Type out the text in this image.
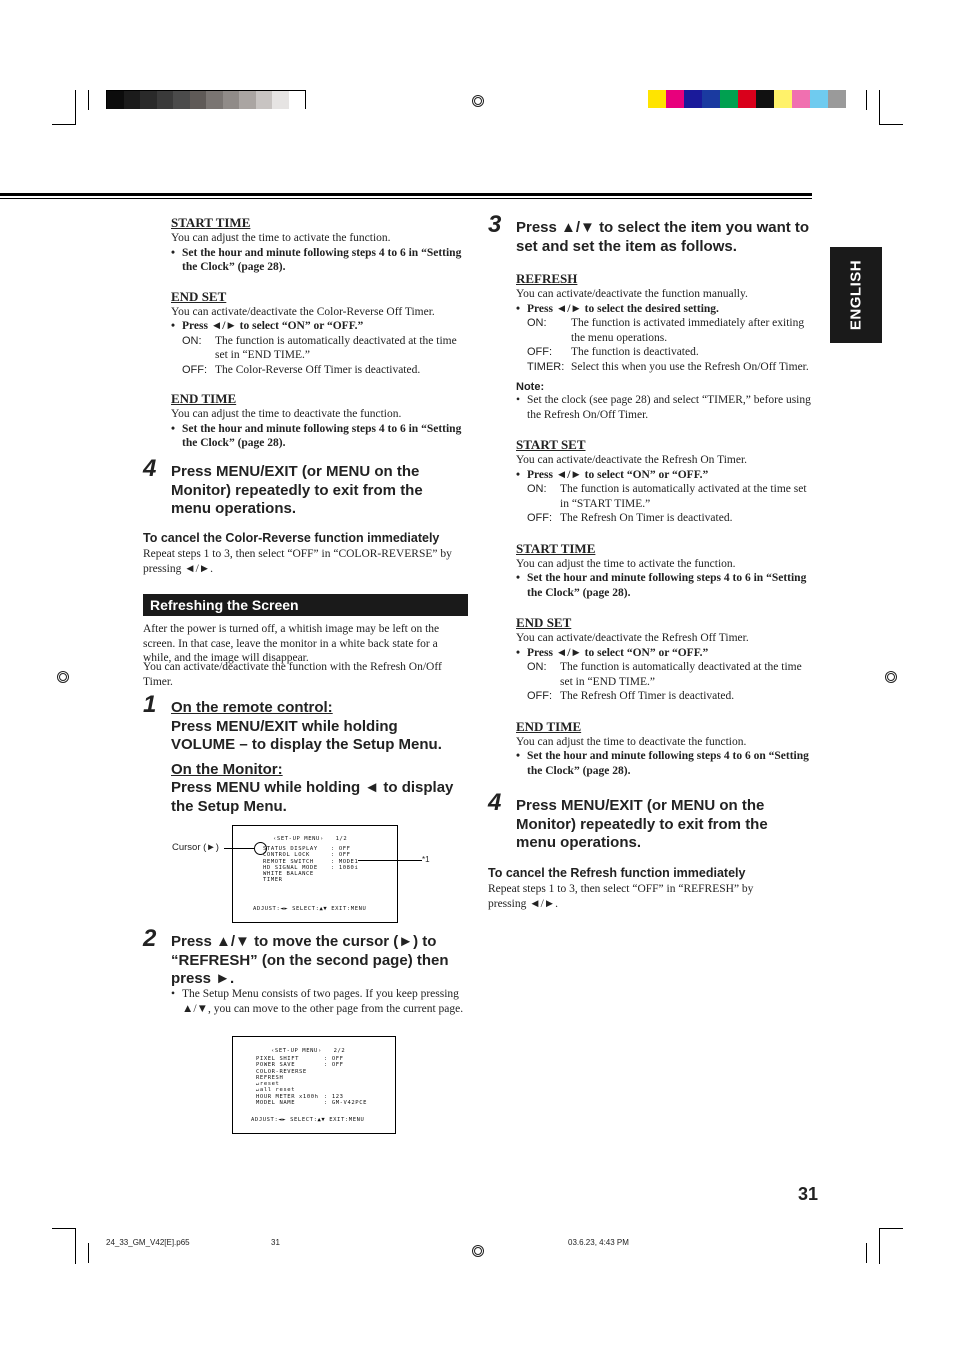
24_33_GM_V42[E].p65	31	03.6.23, 4:43 PM
ENGLISH
31
START TIME
You can adjust the time to activate the function.
• Set the hour and minute following steps 4 to 6 in “Setting the Clock” (page 28).
END SET
You can activate/deactivate the Color-Reverse Off Timer.
• Press ◄/► to select “ON” or “OFF.”
ON:	The function is automatically deactivated at the time set in “END TIME.”
OFF: The Color-Reverse Off Timer is deactivated.
END TIME
You can adjust the time to deactivate the function.
• Set the hour and minute following steps 4 to 6 in “Setting the Clock” (page 28).
4 Press MENU/EXIT (or MENU on the Monitor) repeatedly to exit from the menu operations.
To cancel the Color-Reverse function immediately
Repeat steps 1 to 3, then select “OFF” in “COLOR-REVERSE” by pressing ◄/►.
Refreshing the Screen
After the power is turned off, a whitish image may be left on the screen. In that case, leave the monitor in a white back state for a while, and the image will disappear.
You can activate/deactivate the function with the Refresh On/Off Timer.
1 On the remote control:
Press MENU/EXIT while holding VOLUME – to display the Setup Menu.
On the Monitor:
Press MENU while holding ◄ to display the Setup Menu.
Cursor (►)
*1
‹SET-UP MENU›   1/2
STATUS DISPLAY	: OFF
CONTROL LOCK	: OFF
REMOTE SWITCH	: MODE1
HD SIGNAL MODE	: 1080i
WHITE BALANCE
TIMER
ADJUST:◄► SELECT:▲▼ EXIT:MENU
2 Press ▲/▼ to move the cursor (►) to “REFRESH” (on the second page) then press ►.
• The Setup Menu consists of two pages. If you keep pressing ▲/▼, you can move to the other page from the current page.
‹SET-UP MENU›   2/2
PIXEL SHIFT	: OFF
POWER SAVE	: OFF
COLOR-REVERSE
REFRESH
↵reset
↵all reset
HOUR METER x100h : 123
MODEL NAME	: GM-V42PCE
ADJUST:◄► SELECT:▲▼ EXIT:MENU
3 Press ▲/▼ to select the item you want to set and set the item as follows.
REFRESH
You can activate/deactivate the function manually.
• Press ◄/► to select the desired setting.
ON:	The function is activated immediately after exiting the menu operations.
OFF:	The function is deactivated.
TIMER: Select this when you use the Refresh On/Off Timer.
Note:
• Set the clock (see page 28) and select “TIMER,” before using the Refresh On/Off Timer.
START SET
You can activate/deactivate the Refresh On Timer.
• Press ◄/► to select “ON” or “OFF.”
ON:	The function is automatically activated at the time set in “START TIME.”
OFF: The Refresh On Timer is deactivated.
START TIME
You can adjust the time to activate the function.
• Set the hour and minute following steps 4 to 6 in “Setting the Clock” (page 28).
END SET
You can activate/deactivate the Refresh Off Timer.
• Press ◄/► to select “ON” or “OFF.”
ON:	The function is automatically deactivated at the time set in “END TIME.”
OFF: The Refresh Off Timer is deactivated.
END TIME
You can adjust the time to deactivate the function.
• Set the hour and minute following steps 4 to 6 on “Setting the Clock” (page 28).
4 Press MENU/EXIT (or MENU on the Monitor) repeatedly to exit from the menu operations.
To cancel the Refresh function immediately
Repeat steps 1 to 3, then select “OFF” in “REFRESH” by pressing ◄/►.
